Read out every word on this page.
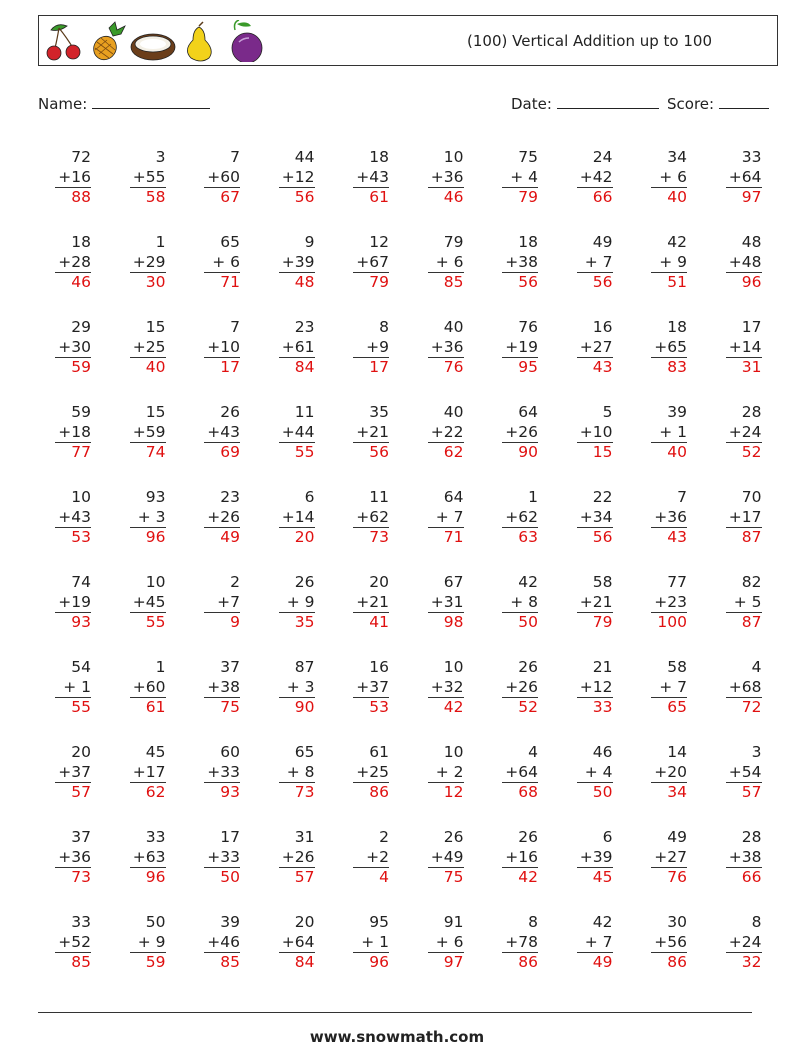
(100) Vertical Addition up to 100
Name:	Date:	Score:
72
+16
88
3
+55
58
7
+60
67
44
+12
56
18
+43
61
10
+36
46
75
+ 4
79
24
+42
66
34
+ 6
40
33
+64
97
18
+28
46
1
+29
30
65
+ 6
71
9
+39
48
12
+67
79
79
+ 6
85
18
+38
56
49
+ 7
56
42
+ 9
51
48
+48
96
29
+30
59
15
+25
40
7
+10
17
23
+61
84
8
+9
17
40
+36
76
76
+19
95
16
+27
43
18
+65
83
17
+14
31
59
+18
77
15
+59
74
26
+43
69
11
+44
55
35
+21
56
40
+22
62
64
+26
90
5
+10
15
39
+ 1
40
28
+24
52
10
+43
53
93
+ 3
96
23
+26
49
6
+14
20
11
+62
73
64
+ 7
71
1
+62
63
22
+34
56
7
+36
43
70
+17
87
74
+19
93
10
+45
55
2
+7
9
26
+ 9
35
20
+21
41
67
+31
98
42
+ 8
50
58
+21
79
77
+23
100
82
+ 5
87
54
+ 1
55
1
+60
61
37
+38
75
87
+ 3
90
16
+37
53
10
+32
42
26
+26
52
21
+12
33
58
+ 7
65
4
+68
72
20
+37
57
45
+17
62
60
+33
93
65
+ 8
73
61
+25
86
10
+ 2
12
4
+64
68
46
+ 4
50
14
+20
34
3
+54
57
37
+36
73
33
+63
96
17
+33
50
31
+26
57
2
+2
4
26
+49
75
26
+16
42
6
+39
45
49
+27
76
28
+38
66
33
+52
85
50
+ 9
59
39
+46
85
20
+64
84
95
+ 1
96
91
+ 6
97
8
+78
86
42
+ 7
49
30
+56
86
8
+24
32
www.snowmath.com
